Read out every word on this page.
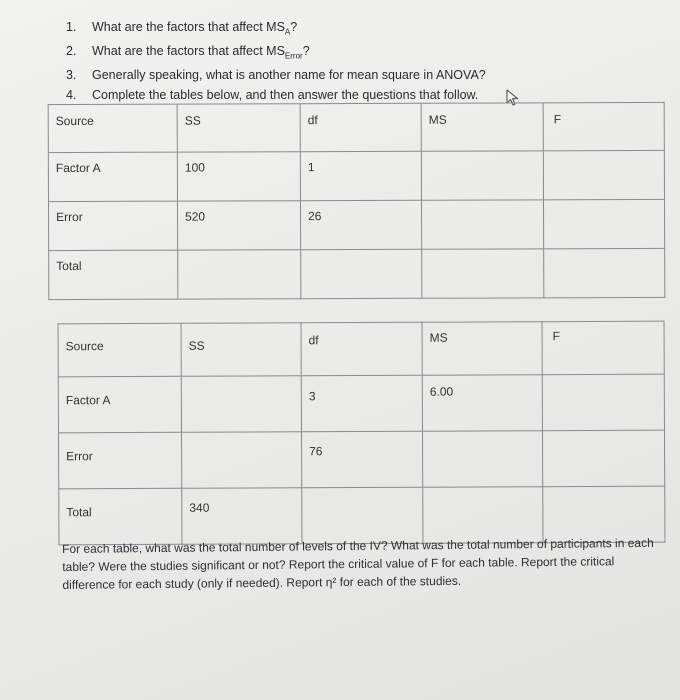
1.	What are the factors that affect $MS_A$?
2.	What are the factors that affect $MS_{Error}$?
3.	Generally speaking, what is another name for mean square in ANOVA?
4.	Complete the tables below, and then answer the questions that follow.
Source	SS	df	MS	F
Factor A	100	1		
Error	520	26		
Total				
Source	SS	df	MS	F
Factor A		3	6.00	
Error		76		
Total	340			

For each table, what was the total number of levels of the IV? What was the total number of participants in each table? Were the studies significant or not? Report the critical value of F for each table. Report the critical difference for each study (only if needed). Report η² for each of the studies.
